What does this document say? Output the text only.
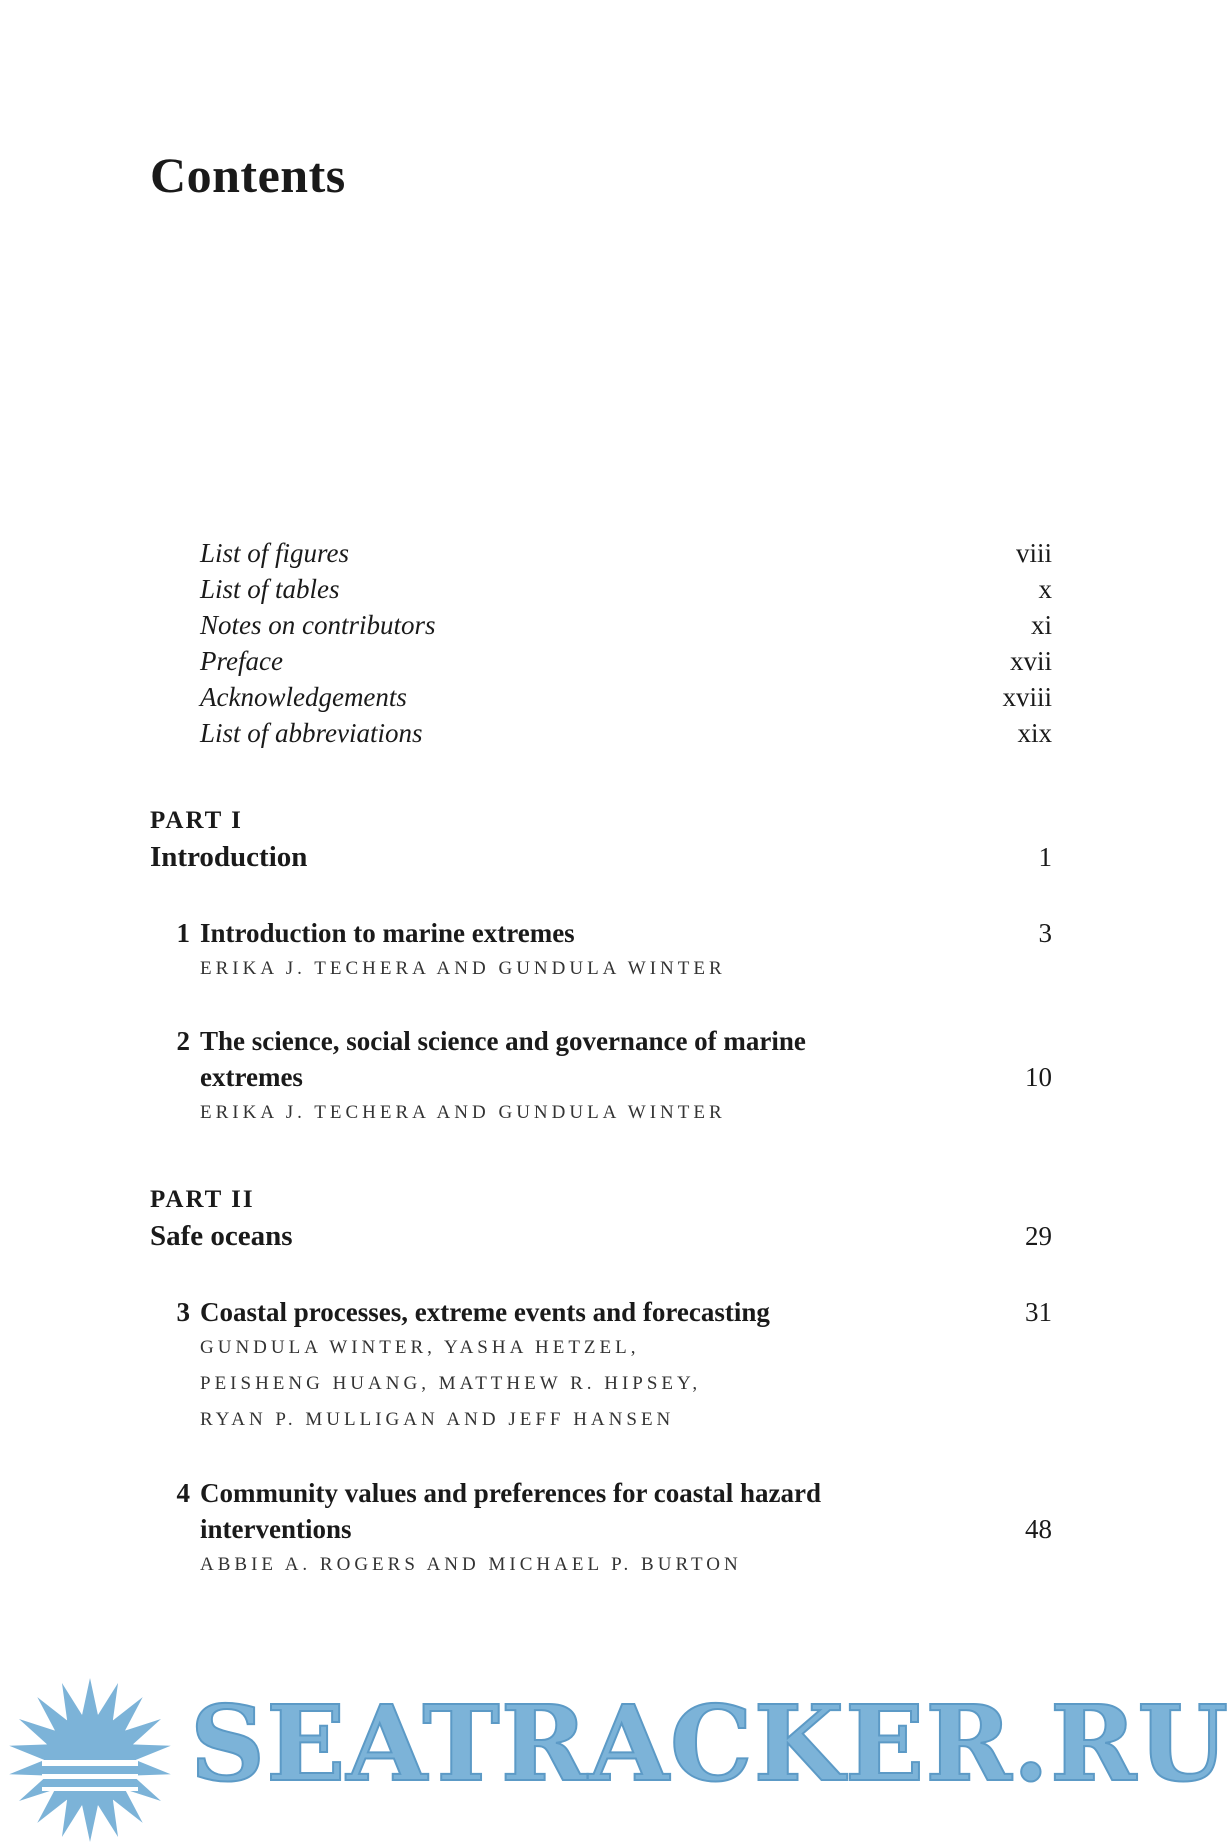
Contents
List of figures	viii
List of tables	x
Notes on contributors	xi
Preface	xvii
Acknowledgements	xviii
List of abbreviations	xix
PART I
Introduction	1
1 Introduction to marine extremes	3
ERIKA J. TECHERA AND GUNDULA WINTER
2 The science, social science and governance of marine extremes	10
ERIKA J. TECHERA AND GUNDULA WINTER
PART II
Safe oceans	29
3 Coastal processes, extreme events and forecasting	31
GUNDULA WINTER, YASHA HETZEL,
PEISHENG HUANG, MATTHEW R. HIPSEY,
RYAN P. MULLIGAN AND JEFF HANSEN
4 Community values and preferences for coastal hazard interventions	48
ABBIE A. ROGERS AND MICHAEL P. BURTON
SEATRACKER.RU
